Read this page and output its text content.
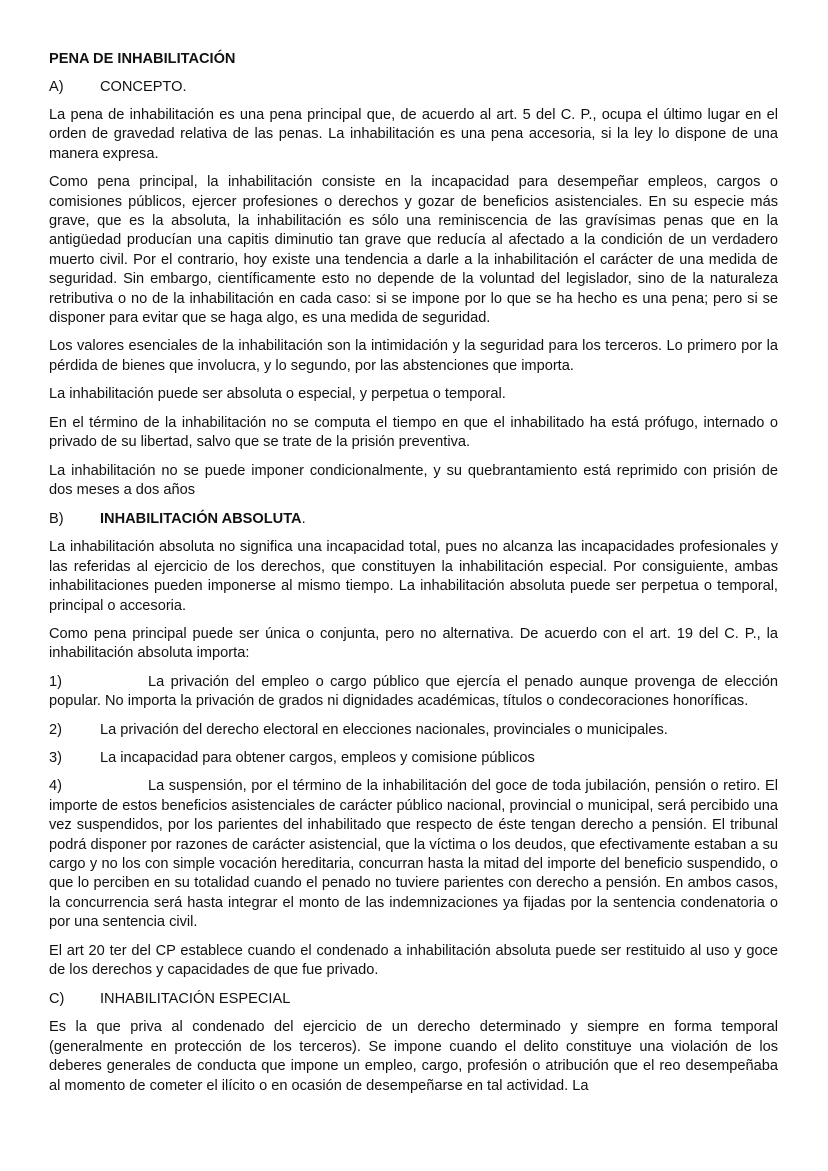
PENA DE INHABILITACIÓN
A)	CONCEPTO.

La pena de inhabilitación es una pena principal que, de acuerdo al art. 5 del C. P., ocupa el último lugar en el orden de gravedad relativa de las penas. La inhabilitación es una pena accesoria, si la ley lo dispone de una manera expresa.

Como pena principal, la inhabilitación consiste en la incapacidad para desempeñar empleos, cargos o comisiones públicos, ejercer profesiones o derechos y gozar de beneficios asistenciales. En su especie más grave, que es la absoluta, la inhabilitación es sólo una reminiscencia de las gravísimas penas que en la antigüedad producían una capitis diminutio tan grave que reducía al afectado a la condición de un verdadero muerto civil. Por el contrario, hoy existe una tendencia a darle a la inhabilitación el carácter de una medida de seguridad. Sin embargo, científicamente esto no depende de la voluntad del legislador, sino de la naturaleza retributiva o no de la inhabilitación en cada caso: si se impone por lo que se ha hecho es una pena; pero si se disponer para evitar que se haga algo, es una medida de seguridad.

Los valores esenciales de la inhabilitación son la intimidación y la seguridad para los terceros. Lo primero por la pérdida de bienes que involucra, y lo segundo, por las abstenciones que importa.

La inhabilitación puede ser absoluta o especial, y perpetua o temporal.

En el término de la inhabilitación no se computa el tiempo en que el inhabilitado ha está prófugo, internado o privado de su libertad, salvo que se trate de la prisión preventiva.

La inhabilitación no se puede imponer condicionalmente, y su quebrantamiento está reprimido con prisión de dos meses a dos años

B)	INHABILITACIÓN ABSOLUTA.

La inhabilitación absoluta no significa una incapacidad total, pues no alcanza las incapacidades profesionales y las referidas al ejercicio de los derechos, que constituyen la inhabilitación especial. Por consiguiente, ambas inhabilitaciones pueden imponerse al mismo tiempo. La inhabilitación absoluta puede ser perpetua o temporal, principal o accesoria.

Como pena principal puede ser única o conjunta, pero no alternativa. De acuerdo con el art. 19 del C. P., la inhabilitación absoluta importa:

1)	La privación del empleo o cargo público que ejercía el penado aunque provenga de elección popular. No importa la privación de grados ni dignidades académicas, títulos o condecoraciones honoríficas.

2)	La privación del derecho electoral en elecciones nacionales, provinciales o municipales.
3)	La incapacidad para obtener cargos, empleos y comisione públicos

4)	La suspensión, por el término de la inhabilitación del goce de toda jubilación, pensión o retiro. El importe de estos beneficios asistenciales de carácter público nacional, provincial o municipal, será percibido una vez suspendidos, por los parientes del inhabilitado que respecto de éste tengan derecho a pensión. El tribunal podrá disponer por razones de carácter asistencial, que la víctima o los deudos, que efectivamente estaban a su cargo y no los con simple vocación hereditaria, concurran hasta la mitad del importe del beneficio suspendido, o que lo perciben en su totalidad cuando el penado no tuviere parientes con derecho a pensión. En ambos casos, la concurrencia será hasta integrar el monto de las indemnizaciones ya fijadas por la sentencia condenatoria o por una sentencia civil.

El art 20 ter del CP establece cuando el condenado a inhabilitación absoluta puede ser restituido al uso y goce de los derechos y capacidades de que fue privado.

C)	INHABILITACIÓN ESPECIAL

Es la que priva al condenado del ejercicio de un derecho determinado y siempre en forma temporal (generalmente en protección de los terceros). Se impone cuando el delito constituye una violación de los deberes generales de conducta que impone un empleo, cargo, profesión o atribución que el reo desempeñaba al momento de cometer el ilícito o en ocasión de desempeñarse en tal actividad. La
